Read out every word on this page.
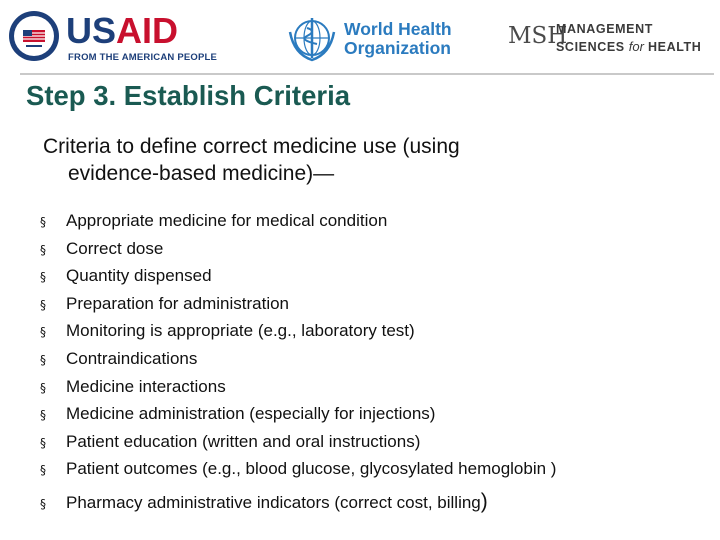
USAID
FROM THE AMERICAN PEOPLE
World Health
Organization MSH
MANAGEMENT
SCIENCES for HEALTH
Step 3. Establish Criteria
Criteria to define correct medicine use (using
evidence-based medicine)—
§ Appropriate medicine for medical condition
§ Correct dose
§ Quantity dispensed
§ Preparation for administration
§ Monitoring is appropriate (e.g., laboratory test)
§ Contraindications
§ Medicine interactions
§ Medicine administration (especially for injections)
§ Patient education (written and oral instructions)
§ Patient outcomes (e.g., blood glucose, glycosylated hemoglobin )
§ Pharmacy administrative indicators (correct cost, billing)
